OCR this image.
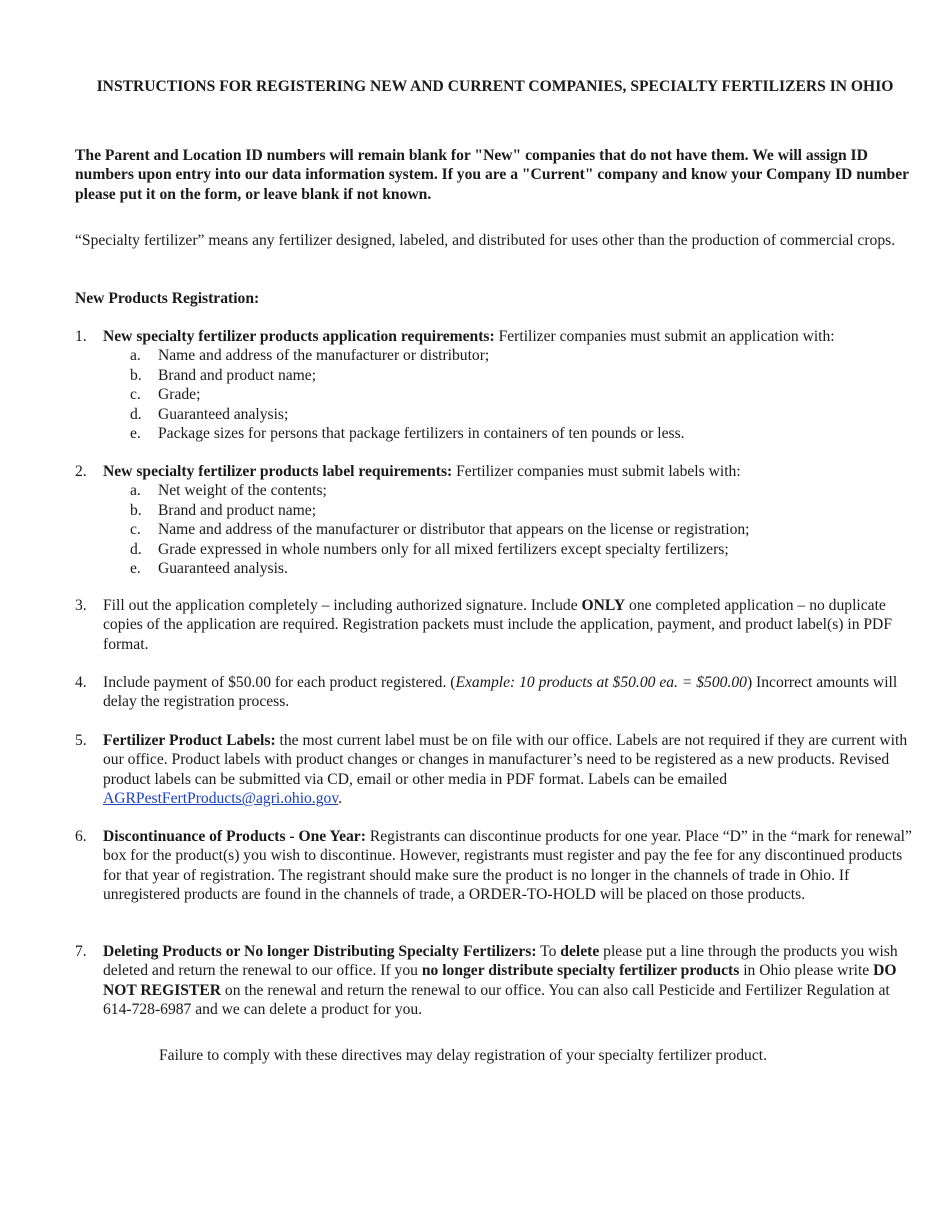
INSTRUCTIONS FOR REGISTERING NEW AND CURRENT COMPANIES, SPECIALTY FERTILIZERS IN OHIO
The Parent and Location ID numbers will remain blank for "New" companies that do not have them. We will assign ID numbers upon entry into our data information system. If you are a "Current" company and know your Company ID number please put it on the form, or leave blank if not known.
“Specialty fertilizer” means any fertilizer designed, labeled, and distributed for uses other than the production of commercial crops.
New Products Registration:
1.	New specialty fertilizer products application requirements: Fertilizer companies must submit an application with:
a.	Name and address of the manufacturer or distributor;
b.	Brand and product name;
c.	Grade;
d.	Guaranteed analysis;
e.	Package sizes for persons that package fertilizers in containers of ten pounds or less.
2.	New specialty fertilizer products label requirements: Fertilizer companies must submit labels with:
a.	Net weight of the contents;
b.	Brand and product name;
c.	Name and address of the manufacturer or distributor that appears on the license or registration;
d.	Grade expressed in whole numbers only for all mixed fertilizers except specialty fertilizers;
e.	Guaranteed analysis.
3.	Fill out the application completely – including authorized signature. Include ONLY one completed application – no duplicate copies of the application are required. Registration packets must include the application, payment, and product label(s) in PDF format.
4.	Include payment of $50.00 for each product registered. (Example: 10 products at $50.00 ea. = $500.00) Incorrect amounts will delay the registration process.
5.	Fertilizer Product Labels: the most current label must be on file with our office. Labels are not required if they are current with our office. Product labels with product changes or changes in manufacturer’s need to be registered as a new products. Revised product labels can be submitted via CD, email or other media in PDF format. Labels can be emailed AGRPestFertProducts@agri.ohio.gov.
6.	Discontinuance of Products - One Year: Registrants can discontinue products for one year. Place “D” in the “mark for renewal” box for the product(s) you wish to discontinue. However, registrants must register and pay the fee for any discontinued products for that year of registration. The registrant should make sure the product is no longer in the channels of trade in Ohio. If unregistered products are found in the channels of trade, a ORDER-TO-HOLD will be placed on those products.
7.	Deleting Products or No longer Distributing Specialty Fertilizers: To delete please put a line through the products you wish deleted and return the renewal to our office. If you no longer distribute specialty fertilizer products in Ohio please write DO NOT REGISTER on the renewal and return the renewal to our office. You can also call Pesticide and Fertilizer Regulation at 614-728-6987 and we can delete a product for you.
Failure to comply with these directives may delay registration of your specialty fertilizer product.
